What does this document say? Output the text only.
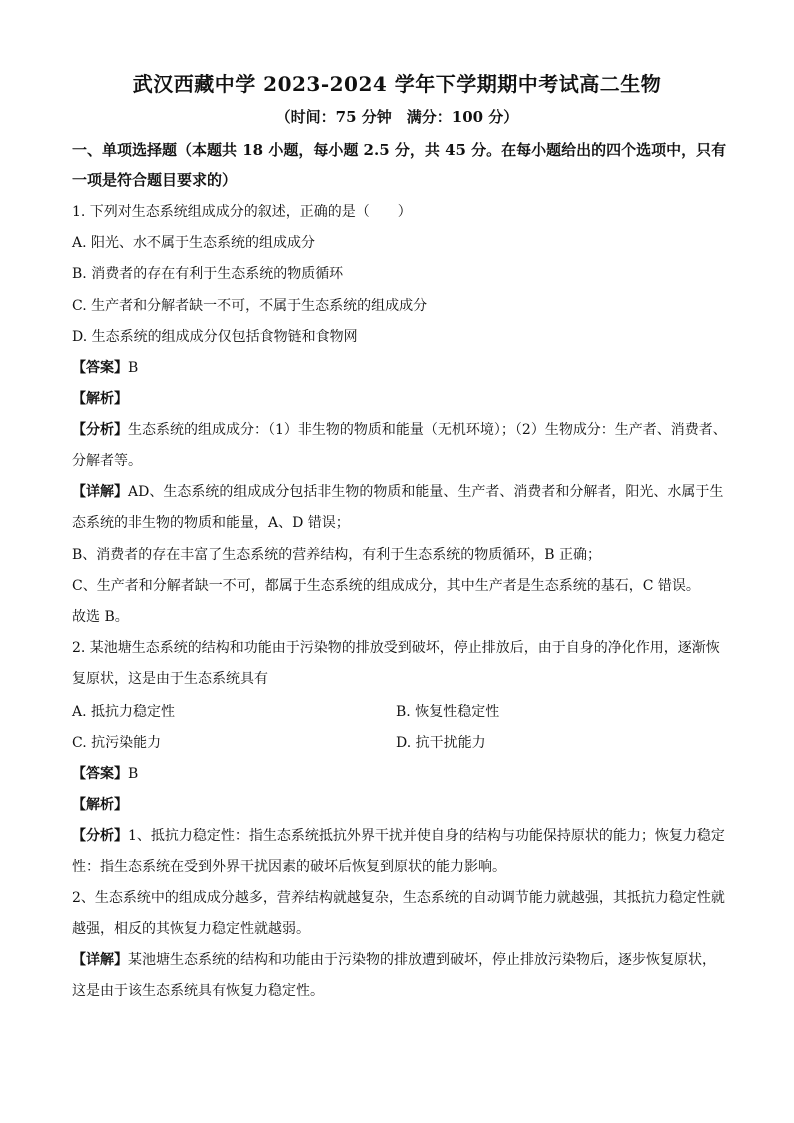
武汉西藏中学 2023-2024 学年下学期期中考试高二生物
（时间：75 分钟　满分：100 分）
一、单项选择题（本题共 18 小题，每小题 2.5 分，共 45 分。在每小题给出的四个选项中，只有一项是符合题目要求的）
1. 下列对生态系统组成成分的叙述，正确的是（　　）
A. 阳光、水不属于生态系统的组成成分
B. 消费者的存在有利于生态系统的物质循环
C. 生产者和分解者缺一不可，不属于生态系统的组成成分
D. 生态系统的组成成分仅包括食物链和食物网
【答案】B
【解析】
【分析】生态系统的组成成分：（1）非生物的物质和能量（无机环境）；（2）生物成分：生产者、消费者、分解者等。
【详解】AD、生态系统的组成成分包括非生物的物质和能量、生产者、消费者和分解者，阳光、水属于生态系统的非生物的物质和能量，A、D 错误；
B、消费者的存在丰富了生态系统的营养结构，有利于生态系统的物质循环，B 正确；
C、生产者和分解者缺一不可，都属于生态系统的组成成分，其中生产者是生态系统的基石，C 错误。
故选 B。
2. 某池塘生态系统的结构和功能由于污染物的排放受到破坏，停止排放后，由于自身的净化作用，逐渐恢复原状，这是由于生态系统具有
A. 抵抗力稳定性	B. 恢复性稳定性
C. 抗污染能力	D. 抗干扰能力
【答案】B
【解析】
【分析】1、抵抗力稳定性：指生态系统抵抗外界干扰并使自身的结构与功能保持原状的能力；恢复力稳定性：指生态系统在受到外界干扰因素的破坏后恢复到原状的能力影响。
2、生态系统中的组成成分越多，营养结构就越复杂，生态系统的自动调节能力就越强，其抵抗力稳定性就越强，相反的其恢复力稳定性就越弱。
【详解】某池塘生态系统的结构和功能由于污染物的排放遭到破坏，停止排放污染物后，逐步恢复原状，这是由于该生态系统具有恢复力稳定性。
